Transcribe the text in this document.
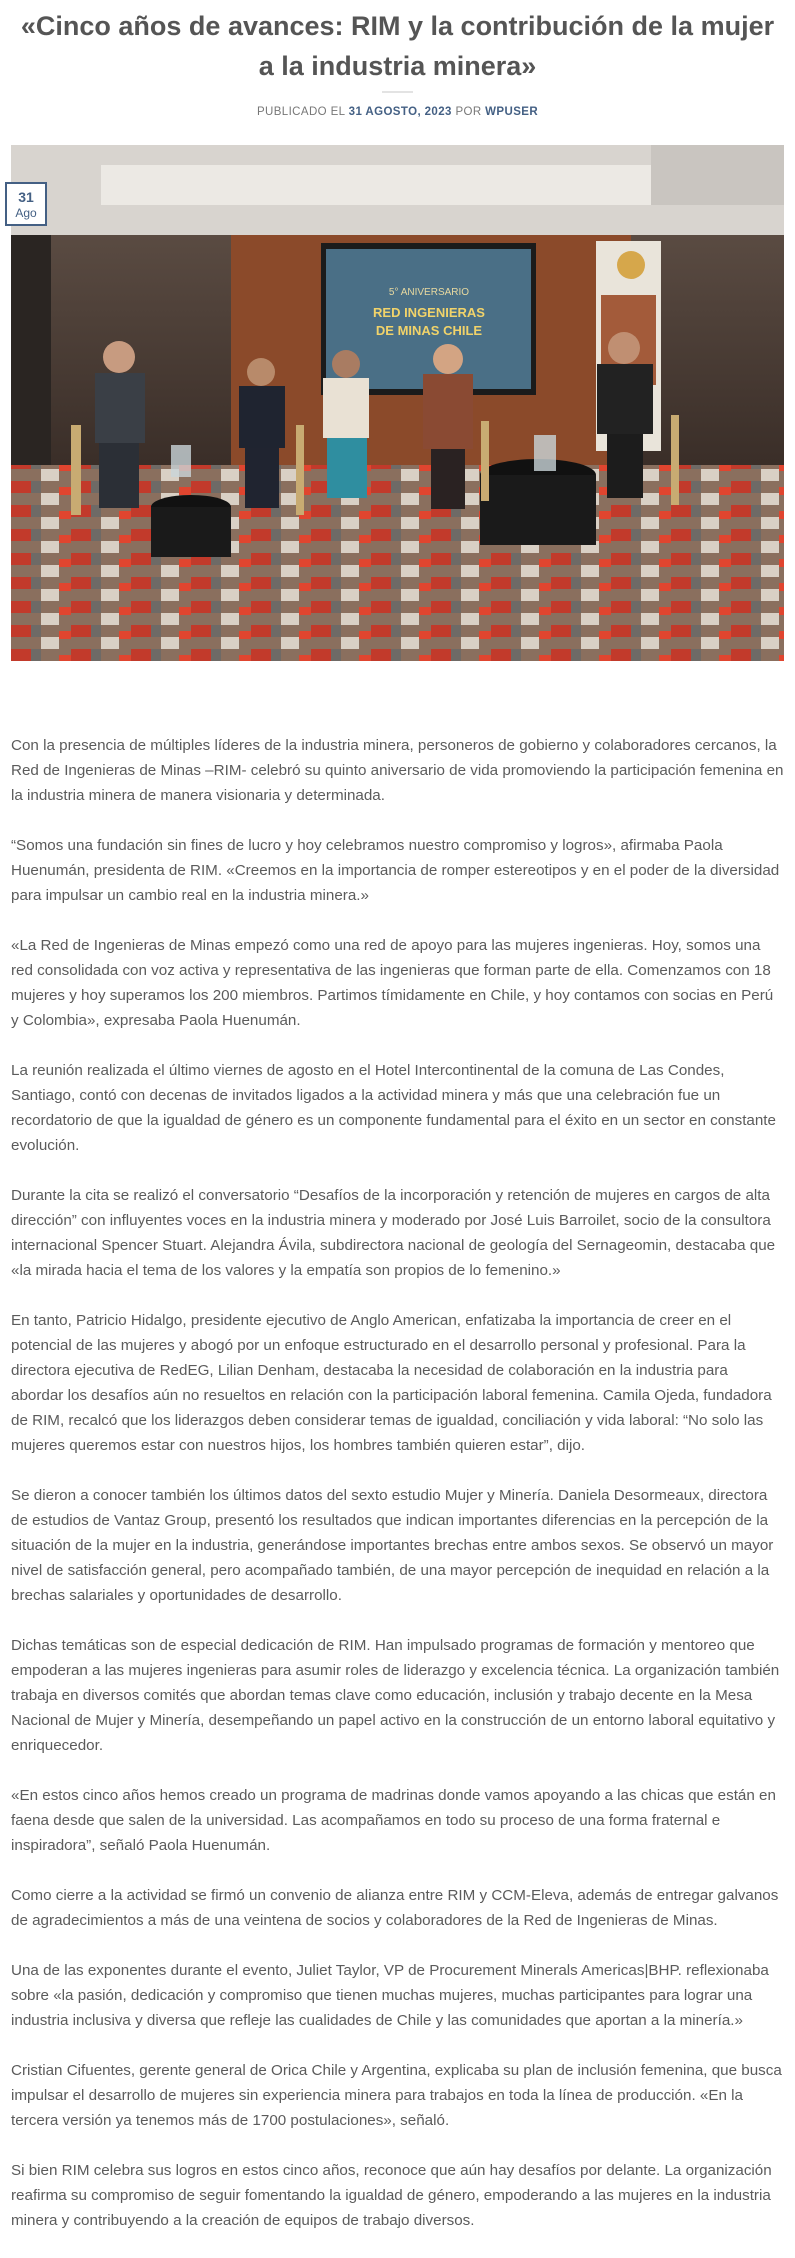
«Cinco años de avances: RIM y la contribución de la mujer a la industria minera»
PUBLICADO EL 31 AGOSTO, 2023 POR WPUSER
31
Ago
5° ANIVERSARIO
RED INGENIERAS
DE MINAS CHILE

Con la presencia de múltiples líderes de la industria minera, personeros de gobierno y colaboradores cercanos, la Red de Ingenieras de Minas –RIM- celebró su quinto aniversario de vida promoviendo la participación femenina en la industria minera de manera visionaria y determinada.

“Somos una fundación sin fines de lucro y hoy celebramos nuestro compromiso y logros», afirmaba Paola Huenumán, presidenta de RIM. «Creemos en la importancia de romper estereotipos y en el poder de la diversidad para impulsar un cambio real en la industria minera.»

«La Red de Ingenieras de Minas empezó como una red de apoyo para las mujeres ingenieras. Hoy, somos una red consolidada con voz activa y representativa de las ingenieras que forman parte de ella. Comenzamos con 18 mujeres y hoy superamos los 200 miembros. Partimos tímidamente en Chile, y hoy contamos con socias en Perú y Colombia», expresaba Paola Huenumán.

La reunión realizada el último viernes de agosto en el Hotel Intercontinental de la comuna de Las Condes, Santiago, contó con decenas de invitados ligados a la actividad minera y más que una celebración fue un recordatorio de que la igualdad de género es un componente fundamental para el éxito en un sector en constante evolución.

Durante la cita se realizó el conversatorio “Desafíos de la incorporación y retención de mujeres en cargos de alta dirección” con influyentes voces en la industria minera y moderado por José Luis Barroilet, socio de la consultora internacional Spencer Stuart. Alejandra Ávila, subdirectora nacional de geología del Sernageomin, destacaba que «la mirada hacia el tema de los valores y la empatía son propios de lo femenino.»

En tanto, Patricio Hidalgo, presidente ejecutivo de Anglo American, enfatizaba la importancia de creer en el potencial de las mujeres y abogó por un enfoque estructurado en el desarrollo personal y profesional. Para la directora ejecutiva de RedEG, Lilian Denham, destacaba la necesidad de colaboración en la industria para abordar los desafíos aún no resueltos en relación con la participación laboral femenina. Camila Ojeda, fundadora de RIM, recalcó que los liderazgos deben considerar temas de igualdad, conciliación y vida laboral: “No solo las mujeres queremos estar con nuestros hijos, los hombres también quieren estar”, dijo.

Se dieron a conocer también los últimos datos del sexto estudio Mujer y Minería. Daniela Desormeaux, directora de estudios de Vantaz Group, presentó los resultados que indican importantes diferencias en la percepción de la situación de la mujer en la industria, generándose importantes brechas entre ambos sexos. Se observó un mayor nivel de satisfacción general, pero acompañado también, de una mayor percepción de inequidad en relación a la brechas salariales y oportunidades de desarrollo.

Dichas temáticas son de especial dedicación de RIM. Han impulsado programas de formación y mentoreo que empoderan a las mujeres ingenieras para asumir roles de liderazgo y excelencia técnica. La organización también trabaja en diversos comités que abordan temas clave como educación, inclusión y trabajo decente en la Mesa Nacional de Mujer y Minería, desempeñando un papel activo en la construcción de un entorno laboral equitativo y enriquecedor.

«En estos cinco años hemos creado un programa de madrinas donde vamos apoyando a las chicas que están en faena desde que salen de la universidad. Las acompañamos en todo su proceso de una forma fraternal e inspiradora”, señaló Paola Huenumán.

Como cierre a la actividad se firmó un convenio de alianza entre RIM y CCM-Eleva, además de entregar galvanos de agradecimientos a más de una veintena de socios y colaboradores de la Red de Ingenieras de Minas.

Una de las exponentes durante el evento, Juliet Taylor, VP de Procurement Minerals Americas|BHP. reflexionaba sobre «la pasión, dedicación y compromiso que tienen muchas mujeres, muchas participantes para lograr una industria inclusiva y diversa que refleje las cualidades de Chile y las comunidades que aportan a la minería.»

Cristian Cifuentes, gerente general de Orica Chile y Argentina, explicaba su plan de inclusión femenina, que busca impulsar el desarrollo de mujeres sin experiencia minera para trabajos en toda la línea de producción. «En la tercera versión ya tenemos más de 1700 postulaciones», señaló.

Si bien RIM celebra sus logros en estos cinco años, reconoce que aún hay desafíos por delante. La organización reafirma su compromiso de seguir fomentando la igualdad de género, empoderando a las mujeres en la industria minera y contribuyendo a la creación de equipos de trabajo diversos.
